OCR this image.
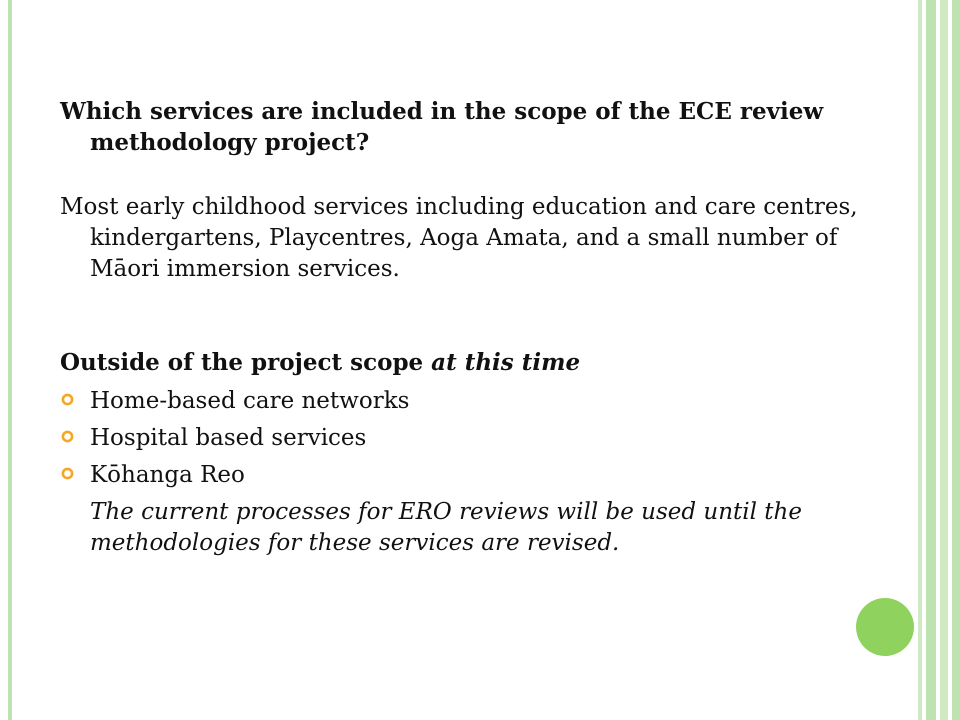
Which services are included in the scope of the ECE review methodology project?

Most early childhood services including education and care centres, kindergartens, Playcentres, Aoga Amata, and a small number of Māori immersion services.

Outside of the project scope at this time

Home-based care networks
Hospital based services
Kōhanga Reo

The current processes for ERO reviews will be used until the methodologies for these services are revised.
